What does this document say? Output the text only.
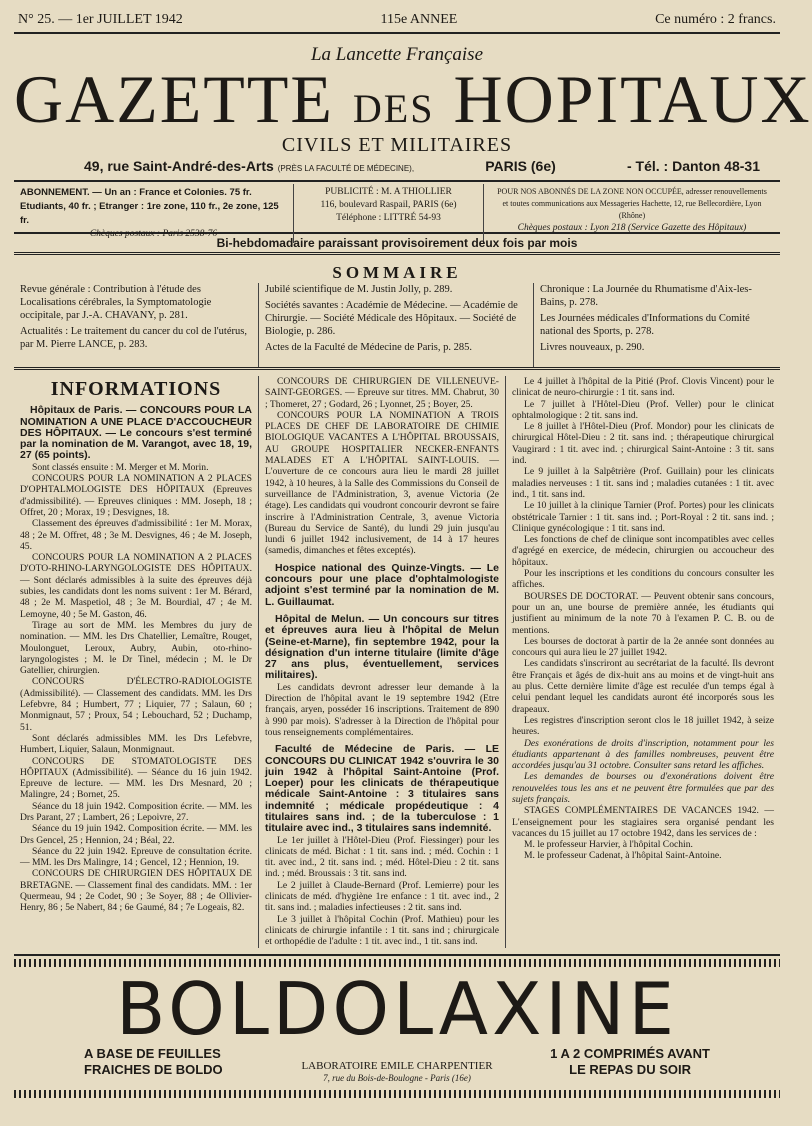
N° 25. — 1er JUILLET 1942	115e ANNEE	Ce numéro : 2 francs.
La Lancette Française
GAZETTE DES HOPITAUX
CIVILS ET MILITAIRES
49, rue Saint-André-des-Arts (PRÈS LA FACULTÉ DE MÉDECINE),	PARIS (6e)	- Tél. : Danton 48-31
ABONNEMENT. — Un an : France et Colonies. 75 fr.
Etudiants, 40 fr. ; Etranger : 1re zone, 110 fr., 2e zone, 125 fr.
Chèques postaux : Paris 2538-76
PUBLICITÉ : M. A THIOLLIER
116, boulevard Raspail, PARIS (6e)
Téléphone : LITTRÉ 54-93
POUR NOS ABONNÉS DE LA ZONE NON OCCUPÉE, adresser renouvellements
et toutes communications aux Messageries Hachette, 12, rue Bellecordière, Lyon (Rhône)
Chèques postaux : Lyon 218 (Service Gazette des Hôpitaux)
Bi-hebdomadaire paraissant provisoirement deux fois par mois
SOMMAIRE

Revue générale : Contribution à l'étude des Localisations cérébrales, la Symptomatologie occipitale, par J.-A. CHAVANY, p. 281.

Actualités : Le traitement du cancer du col de l'utérus, par M. Pierre LANCE, p. 283.

Jubilé scientifique de M. Justin Jolly, p. 289.

Sociétés savantes : Académie de Médecine. — Académie de Chirurgie. — Société Médicale des Hôpitaux. — Société de Biologie, p. 286.

Actes de la Faculté de Médecine de Paris, p. 285.

Chronique : La Journée du Rhumatisme d'Aix-les-Bains, p. 278.

Les Journées médicales d'Informations du Comité national des Sports, p. 278.

Livres nouveaux, p. 290.

INFORMATIONS

Hôpitaux de Paris. — CONCOURS POUR LA NOMINATION A UNE PLACE D'ACCOUCHEUR DES HÔPITAUX. — Le concours s'est terminé par la nomination de M. Varangot, avec 18, 19, 27 (65 points).

Sont classés ensuite : M. Merger et M. Morin.

CONCOURS POUR LA NOMINATION A 2 PLACES D'OPHTALMOLOGISTE DES HÔPITAUX (Epreuves d'admissibilité). — Epreuves cliniques : MM. Joseph, 18 ; Offret, 20 ; Morax, 19 ; Desvignes, 18.

Classement des épreuves d'admissibilité : 1er M. Morax, 48 ; 2e M. Offret, 48 ; 3e M. Desvignes, 46 ; 4e M. Joseph, 45.

CONCOURS POUR LA NOMINATION A 2 PLACES D'OTO-RHINO-LARYNGOLOGISTE DES HÔPITAUX. — Sont déclarés admissibles à la suite des épreuves déjà subies, les candidats dont les noms suivent : 1er M. Bérard, 48 ; 2e M. Maspetiol, 48 ; 3e M. Bourdial, 47 ; 4e M. Lemoyne, 40 ; 5e M. Gaston, 46.

Tirage au sort de MM. les Membres du jury de nomination. — MM. les Drs Chatellier, Lemaître, Rouget, Moulonguet, Leroux, Aubry, Aubin, oto-rhino-laryngologistes ; M. le Dr Tinel, médecin ; M. le Dr Gatellier, chirurgien.

CONCOURS D'ÉLECTRO-RADIOLOGISTE (Admissibilité). — Classement des candidats. MM. les Drs Lefebvre, 84 ; Humbert, 77 ; Liquier, 77 ; Salaun, 60 ; Monmignaut, 57 ; Proux, 54 ; Lebouchard, 52 ; Duchamp, 51.

Sont déclarés admissibles MM. les Drs Lefebvre, Humbert, Liquier, Salaun, Monmignaut.

CONCOURS DE STOMATOLOGISTE DES HÔPITAUX (Admissibilité). — Séance du 16 juin 1942. Epreuve de lecture. — MM. les Drs Mesnard, 20 ; Malingre, 24 ; Bornet, 25.

Séance du 18 juin 1942. Composition écrite. — MM. les Drs Parant, 27 ; Lambert, 26 ; Lepoivre, 27.

Séance du 19 juin 1942. Composition écrite. — MM. les Drs Gencel, 25 ; Hennion, 24 ; Béal, 22.

Séance du 22 juin 1942. Epreuve de consultation écrite. — MM. les Drs Malingre, 14 ; Gencel, 12 ; Hennion, 19.

CONCOURS DE CHIRURGIEN DES HÔPITAUX DE BRETAGNE. — Classement final des candidats. MM. : 1er Quermeau, 94 ; 2e Codet, 90 ; 3e Soyer, 88 ; 4e Ollivier-Henry, 86 ; 5e Nabert, 84 ; 6e Gaumé, 84 ; 7e Logeais, 82.

CONCOURS DE CHIRURGIEN DE VILLENEUVE-SAINT-GEORGES. — Epreuve sur titres. MM. Chabrut, 30 ; Thomeret, 27 ; Godard, 26 ; Lyonnet, 25 ; Boyer, 25.

CONCOURS POUR LA NOMINATION A TROIS PLACES DE CHEF DE LABORATOIRE DE CHIMIE BIOLOGIQUE VACANTES A L'HÔPITAL BROUSSAIS, AU GROUPE HOSPITALIER NECKER-ENFANTS MALADES ET A L'HÔPITAL SAINT-LOUIS. — L'ouverture de ce concours aura lieu le mardi 28 juillet 1942, à 10 heures, à la Salle des Commissions du Conseil de surveillance de l'Administration, 3, avenue Victoria (2e étage). Les candidats qui voudront concourir devront se faire inscrire à l'Administration Centrale, 3, avenue Victoria (Bureau du Service de Santé), du lundi 29 juin jusqu'au lundi 6 juillet 1942 inclusivement, de 14 à 17 heures (samedis, dimanches et fêtes exceptés).

Hospice national des Quinze-Vingts. — Le concours pour une place d'ophtalmologiste adjoint s'est terminé par la nomination de M. L. Guillaumat.

Hôpital de Melun. — Un concours sur titres et épreuves aura lieu à l'hôpital de Melun (Seine-et-Marne), fin septembre 1942, pour la désignation d'un interne titulaire (limite d'âge 27 ans plus, éventuellement, services militaires).

Les candidats devront adresser leur demande à la Direction de l'hôpital avant le 19 septembre 1942 (Etre français, aryen, posséder 16 inscriptions. Traitement de 890 à 990 par mois). S'adresser à la Direction de l'hôpital pour tous renseignements complémentaires.

Faculté de Médecine de Paris. — LE CONCOURS DU CLINICAT 1942 s'ouvrira le 30 juin 1942 à l'hôpital Saint-Antoine (Prof. Loeper) pour les clinicats de thérapeutique médicale Saint-Antoine : 3 titulaires sans indemnité ; médicale propédeutique : 4 titulaires sans ind. ; de la tuberculose : 1 titulaire avec ind., 3 titulaires sans indemnité.

Le 1er juillet à l'Hôtel-Dieu (Prof. Fiessinger) pour les clinicats de méd. Bichat : 1 tit. sans ind. ; méd. Cochin : 1 tit. avec ind., 2 tit. sans ind. ; méd. Hôtel-Dieu : 2 tit. sans ind. ; méd. Broussais : 3 tit. sans ind.

Le 2 juillet à Claude-Bernard (Prof. Lemierre) pour les clinicats de méd. d'hygiène 1re enfance : 1 tit. avec ind., 2 tit. sans ind. ; maladies infectieuses : 2 tit. sans ind.

Le 3 juillet à l'hôpital Cochin (Prof. Mathieu) pour les clinicats de chirurgie infantile : 1 tit. sans ind ; chirurgicale et orthopédie de l'adulte : 1 tit. avec ind., 1 tit. sans ind.

Le 4 juillet à l'hôpital de la Pitié (Prof. Clovis Vincent) pour le clinicat de neuro-chirurgie : 1 tit. sans ind.

Le 7 juillet à l'Hôtel-Dieu (Prof. Veller) pour le clinicat ophtalmologique : 2 tit. sans ind.

Le 8 juillet à l'Hôtel-Dieu (Prof. Mondor) pour les clinicats de chirurgical Hôtel-Dieu : 2 tit. sans ind. ; thérapeutique chirurgical Vaugirard : 1 tit. avec ind. ; chirurgical Saint-Antoine : 3 tit. sans ind.

Le 9 juillet à la Salpêtrière (Prof. Guillain) pour les clinicats maladies nerveuses : 1 tit. sans ind ; maladies cutanées : 1 tit. avec ind., 1 tit. sans ind.

Le 10 juillet à la clinique Tarnier (Prof. Portes) pour les clinicats obstétricale Tarnier : 1 tit. sans ind. ; Port-Royal : 2 tit. sans ind. ; Clinique gynécologique : 1 tit. sans ind.

Les fonctions de chef de clinique sont incompatibles avec celles d'agrégé en exercice, de médecin, chirurgien ou accoucheur des hôpitaux.

Pour les inscriptions et les conditions du concours consulter les affiches.

BOURSES DE DOCTORAT. — Peuvent obtenir sans concours, pour un an, une bourse de première année, les étudiants qui justifient au minimum de la note 70 à l'examen P. C. B. ou de mentions.

Les bourses de doctorat à partir de la 2e année sont données au concours qui aura lieu le 27 juillet 1942.

Les candidats s'inscriront au secrétariat de la faculté. Ils devront être Français et âgés de dix-huit ans au moins et de vingt-huit ans au plus. Cette dernière limite d'âge est reculée d'un temps égal à celui pendant lequel les candidats auront été incorporés sous les drapeaux.

Les registres d'inscription seront clos le 18 juillet 1942, à seize heures.

Des exonérations de droits d'inscription, notamment pour les étudiants appartenant à des familles nombreuses, peuvent être accordées jusqu'au 31 octobre. Consulter sans retard les affiches.

Les demandes de bourses ou d'exonérations doivent être renouvelées tous les ans et ne peuvent être formulées que par des sujets français.

STAGES COMPLÉMENTAIRES DE VACANCES 1942. — L'enseignement pour les stagiaires sera organisé pendant les vacances du 15 juillet au 17 octobre 1942, dans les services de :

M. le professeur Harvier, à l'hôpital Cochin.

M. le professeur Cadenat, à l'hôpital Saint-Antoine.

BOLDOLAXINE
A BASE DE FEUILLES
FRAICHES DE BOLDO
1 A 2 COMPRIMÉS AVANT
LE REPAS DU SOIR
LABORATOIRE EMILE CHARPENTIER
7, rue du Bois-de-Boulogne - Paris (16e)
